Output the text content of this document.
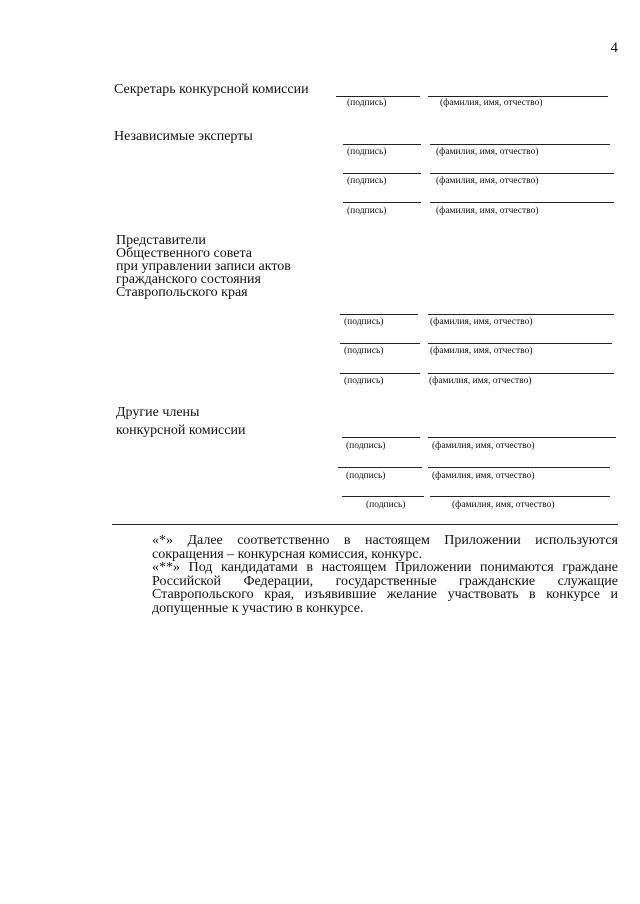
4
Секретарь конкурсной комиссии
(подпись)	(фамилия, имя, отчество)
Независимые эксперты
(подпись)	(фамилия, имя, отчество)
(подпись)	(фамилия, имя, отчество)
(подпись)	(фамилия, имя, отчество)
Представители
Общественного совета
при управлении записи актов
гражданского состояния
Ставропольского края
(подпись)	(фамилия, имя, отчество)
(подпись)	(фамилия, имя, отчество)
(подпись)	(фамилия, имя, отчество)
Другие члены
конкурсной комиссии
(подпись)	(фамилия, имя, отчество)
(подпись)	(фамилия, имя, отчество)
(подпись)	(фамилия, имя, отчество)
«*» Далее соответственно в настоящем Приложении используются сокращения – конкурсная комиссия, конкурс.
«**» Под кандидатами в настоящем Приложении понимаются граждане Российской Федерации, государственные гражданские служащие Ставропольского края, изъявившие желание участвовать в конкурсе и допущенные к участию в конкурсе.
